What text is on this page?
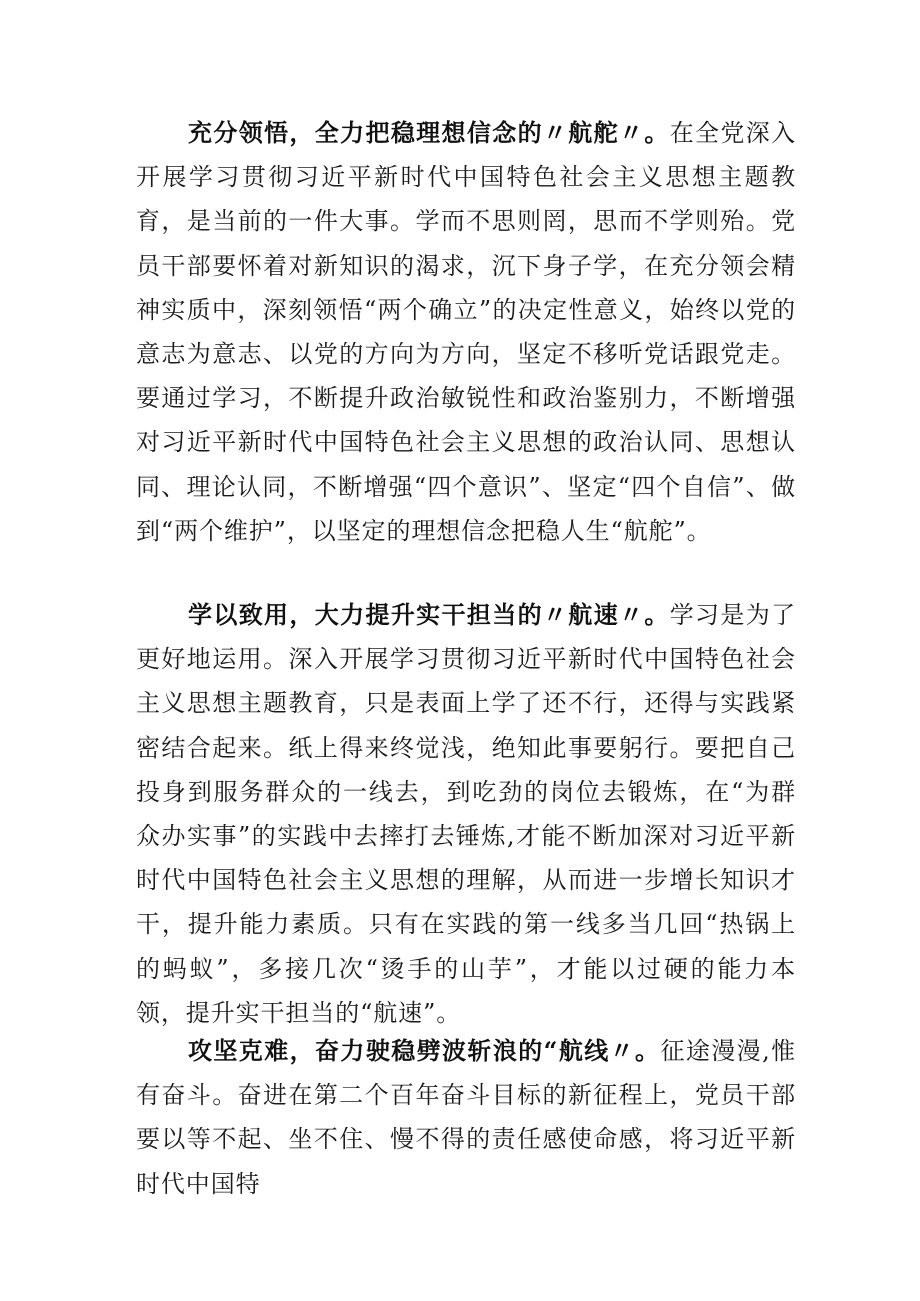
充分领悟，全力把稳理想信念的〃航舵〃。在全党深入开展学习贯彻习近平新时代中国特色社会主义思想主题教育，是当前的一件大事。学而不思则罔，思而不学则殆。党员干部要怀着对新知识的渴求，沉下身子学，在充分领会精神实质中，深刻领悟“两个确立”的决定性意义，始终以党的意志为意志、以党的方向为方向，坚定不移听党话跟党走。要通过学习，不断提升政治敏锐性和政治鉴别力，不断增强对习近平新时代中国特色社会主义思想的政治认同、思想认同、理论认同，不断增强“四个意识”、坚定“四个自信”、做到“两个维护”，以坚定的理想信念把稳人生“航舵”。

学以致用，大力提升实干担当的〃航速〃。学习是为了更好地运用。深入开展学习贯彻习近平新时代中国特色社会主义思想主题教育，只是表面上学了还不行，还得与实践紧密结合起来。纸上得来终觉浅，绝知此事要躬行。要把自己投身到服务群众的一线去，到吃劲的岗位去锻炼，在“为群众办实事”的实践中去摔打去锤炼,才能不断加深对习近平新时代中国特色社会主义思想的理解，从而进一步增长知识才干，提升能力素质。只有在实践的第一线多当几回“热锅上的蚂蚁”，多接几次“烫手的山芋”，才能以过硬的能力本领，提升实干担当的“航速”。

攻坚克难，奋力驶稳劈波斩浪的“航线〃。征途漫漫,惟有奋斗。奋进在第二个百年奋斗目标的新征程上，党员干部要以等不起、坐不住、慢不得的责任感使命感，将习近平新时代中国特
